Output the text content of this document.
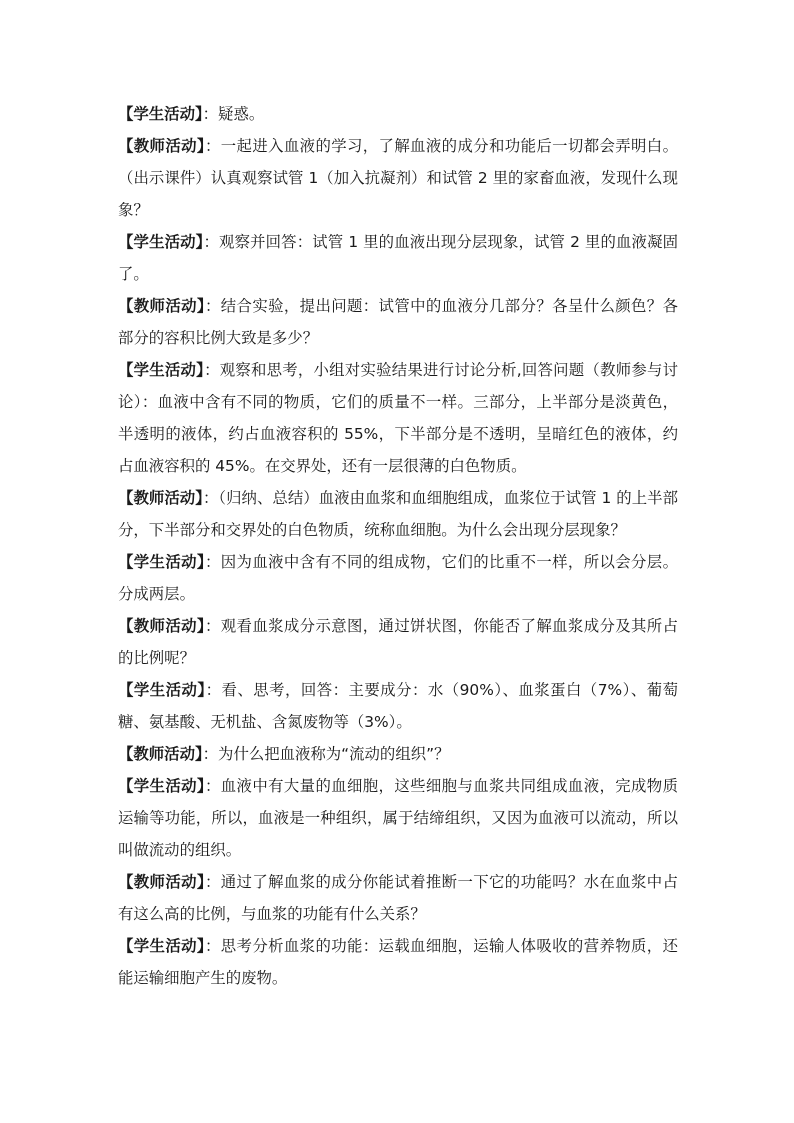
【学生活动】：疑惑。

【教师活动】：一起进入血液的学习，了解血液的成分和功能后一切都会弄明白。（出示课件）认真观察试管 1（加入抗凝剂）和试管 2 里的家畜血液，发现什么现象？

【学生活动】：观察并回答：试管 1 里的血液出现分层现象，试管 2 里的血液凝固了。

【教师活动】：结合实验，提出问题：试管中的血液分几部分？各呈什么颜色？各部分的容积比例大致是多少？

【学生活动】：观察和思考，小组对实验结果进行讨论分析,回答问题（教师参与讨论）：血液中含有不同的物质，它们的质量不一样。三部分，上半部分是淡黄色，半透明的液体，约占血液容积的 55%，下半部分是不透明，呈暗红色的液体，约占血液容积的 45%。在交界处，还有一层很薄的白色物质。

【教师活动】：（归纳、总结）血液由血浆和血细胞组成，血浆位于试管 1 的上半部分，下半部分和交界处的白色物质，统称血细胞。为什么会出现分层现象？

【学生活动】：因为血液中含有不同的组成物，它们的比重不一样，所以会分层。分成两层。

【教师活动】：观看血浆成分示意图，通过饼状图，你能否了解血浆成分及其所占的比例呢？

【学生活动】：看、思考，回答：主要成分：水（90%）、血浆蛋白（7%）、葡萄糖、氨基酸、无机盐、含氮废物等（3%）。

【教师活动】：为什么把血液称为“流动的组织”？

【学生活动】：血液中有大量的血细胞，这些细胞与血浆共同组成血液，完成物质运输等功能，所以，血液是一种组织，属于结缔组织，又因为血液可以流动，所以叫做流动的组织。

【教师活动】：通过了解血浆的成分你能试着推断一下它的功能吗？水在血浆中占有这么高的比例，与血浆的功能有什么关系？

【学生活动】：思考分析血浆的功能：运载血细胞，运输人体吸收的营养物质，还能运输细胞产生的废物。
